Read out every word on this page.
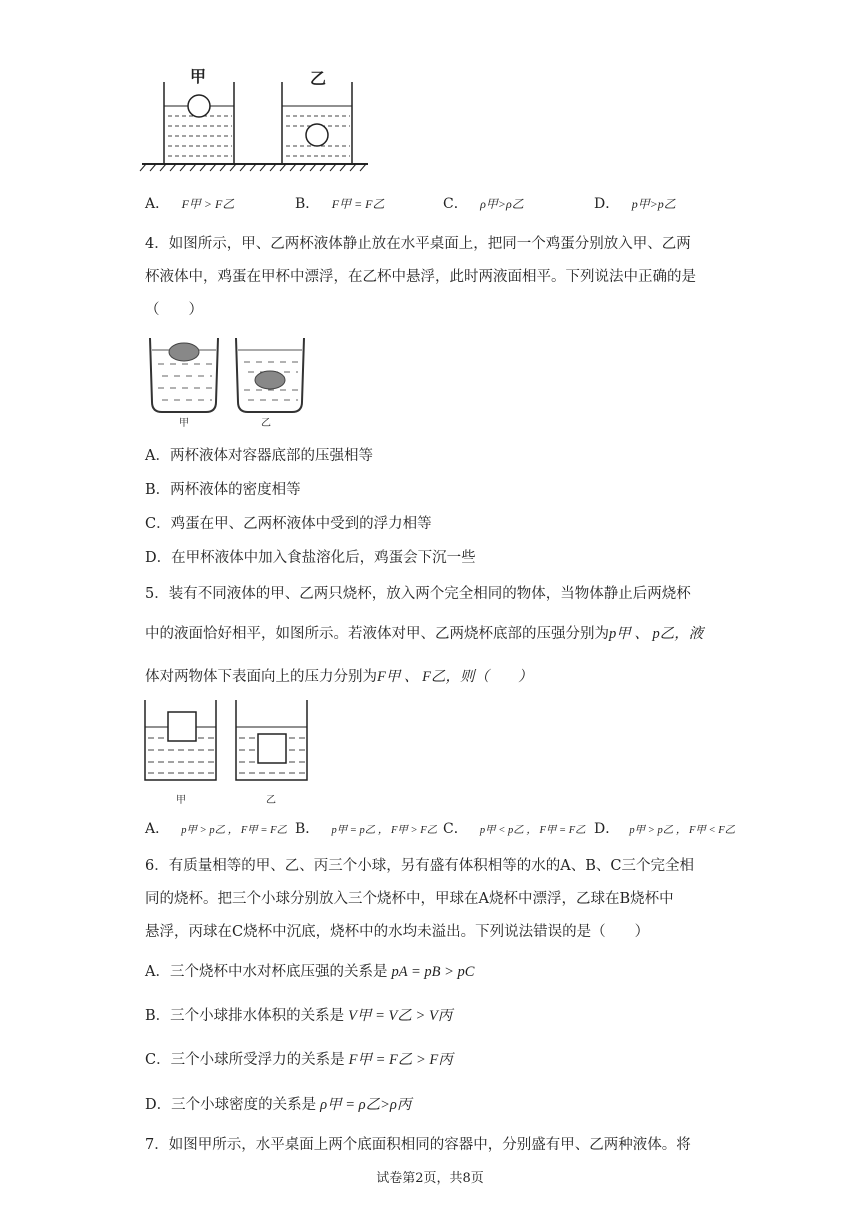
甲	乙
A． F甲 > F乙	B． F甲 = F乙	C． ρ甲>ρ乙	D． p甲>p乙
4．如图所示，甲、乙两杯液体静止放在水平桌面上，把同一个鸡蛋分别放入甲、乙两
杯液体中，鸡蛋在甲杯中漂浮，在乙杯中悬浮，此时两液面相平。下列说法中正确的是
（　　）
甲	乙
A．两杯液体对容器底部的压强相等
B．两杯液体的密度相等
C．鸡蛋在甲、乙两杯液体中受到的浮力相等
D．在甲杯液体中加入食盐溶化后，鸡蛋会下沉一些
5．装有不同液体的甲、乙两只烧杯，放入两个完全相同的物体，当物体静止后两烧杯
中的液面恰好相平，如图所示。若液体对甲、乙两烧杯底部的压强分别为p甲 、 p乙，液
体对两物体下表面向上的压力分别为F甲 、 F乙，则（　　）
甲	乙
A． p甲 > p乙 ， F甲 = F乙 B． p甲 = p乙 ， F甲 > F乙 C． p甲 < p乙 ， F甲 = F乙 D． p甲 > p乙 ， F甲 < F乙
6．有质量相等的甲、乙、丙三个小球，另有盛有体积相等的水的A、B、C三个完全相
同的烧杯。把三个小球分别放入三个烧杯中，甲球在A烧杯中漂浮，乙球在B烧杯中
悬浮，丙球在C烧杯中沉底，烧杯中的水均未溢出。下列说法错误的是（　　）
A．三个烧杯中水对杯底压强的关系是 pA = pB > pC
B．三个小球排水体积的关系是 V甲 = V乙 > V丙
C．三个小球所受浮力的关系是 F甲 = F乙 > F丙
D．三个小球密度的关系是 ρ甲 = ρ乙>ρ丙
7．如图甲所示，水平桌面上两个底面积相同的容器中，分别盛有甲、乙两种液体。将
试卷第2页，共8页
